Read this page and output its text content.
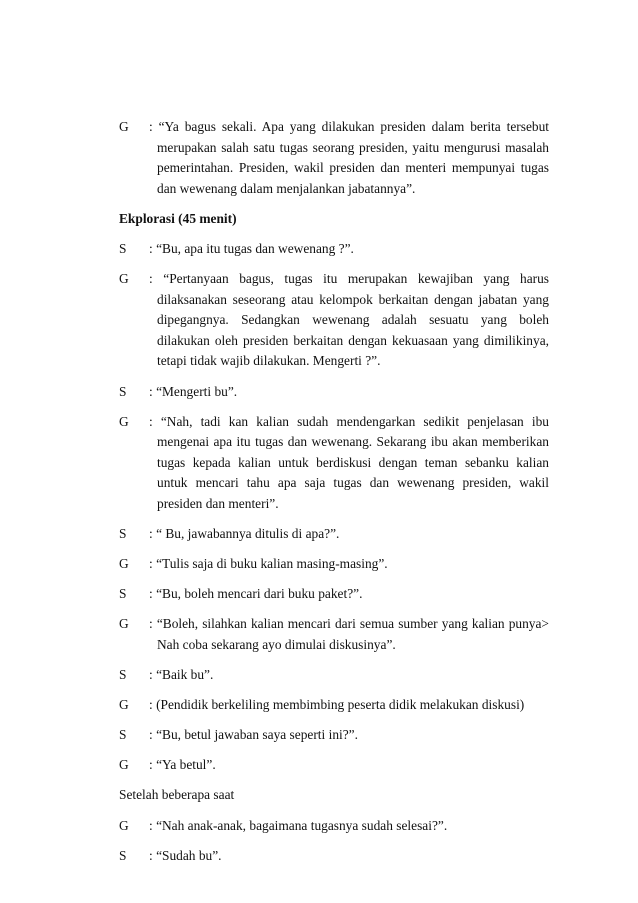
G	: “Ya bagus sekali. Apa yang dilakukan presiden dalam berita tersebut merupakan salah satu tugas seorang presiden, yaitu mengurusi masalah pemerintahan. Presiden, wakil presiden dan menteri mempunyai tugas dan wewenang dalam menjalankan jabatannya”.
Ekplorasi (45 menit)
S	: “Bu, apa itu tugas dan wewenang ?”.
G	: “Pertanyaan bagus, tugas itu merupakan kewajiban yang harus dilaksanakan seseorang atau kelompok berkaitan dengan jabatan yang dipegangnya. Sedangkan wewenang adalah sesuatu yang boleh dilakukan oleh presiden berkaitan dengan kekuasaan yang dimilikinya, tetapi tidak wajib dilakukan. Mengerti ?”.
S	: “Mengerti bu”.
G	: “Nah, tadi kan kalian sudah mendengarkan sedikit penjelasan ibu mengenai apa itu tugas dan wewenang. Sekarang ibu akan memberikan tugas kepada kalian untuk berdiskusi dengan teman sebanku kalian untuk mencari tahu apa saja tugas dan wewenang presiden, wakil presiden dan menteri”.
S	: “ Bu, jawabannya ditulis di apa?”.
G	: “Tulis saja di buku kalian masing-masing”.
S	: “Bu, boleh mencari dari buku paket?”.
G	: “Boleh, silahkan kalian mencari dari semua sumber yang kalian punya> Nah coba sekarang ayo dimulai diskusinya”.
S	: “Baik bu”.
G	: (Pendidik berkeliling membimbing peserta didik melakukan diskusi)
S	: “Bu, betul jawaban saya seperti ini?”.
G	: “Ya betul”.
Setelah beberapa saat
G	: “Nah anak-anak, bagaimana tugasnya sudah selesai?”.
S	: “Sudah bu”.
